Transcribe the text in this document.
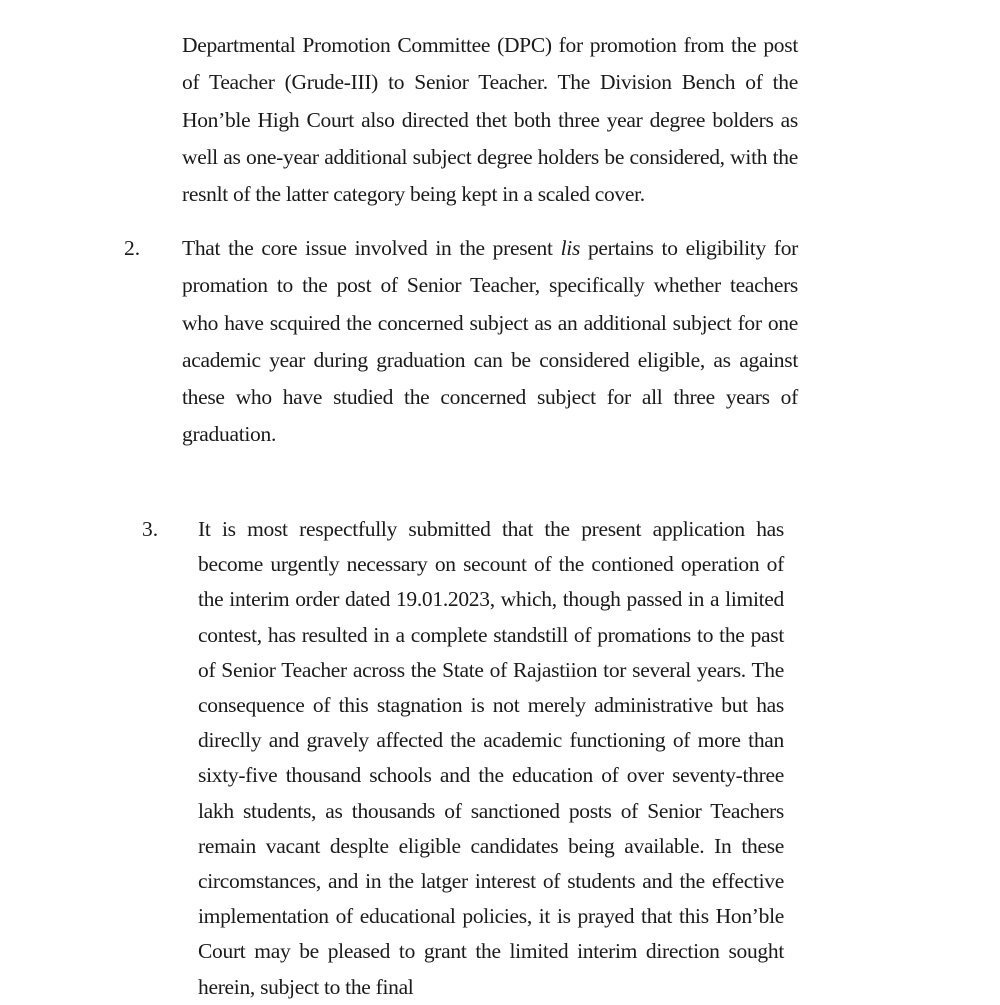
Departmental Promotion Committee (DPC) for promotion from the post of Teacher (Grude-III) to Senior Teacher. The Division Bench of the Hon’ble High Court also directed thet both three year degree bolders as well as one-year additional subject degree holders be considered, with the resnlt of the latter category being kept in a scaled cover.
2. That the core issue involved in the present lis pertains to eligibility for promation to the post of Senior Teacher, specifically whether teachers who have scquired the concerned subject as an additional subject for one academic year during graduation can be considered eligible, as against these who have studied the concerned subject for all three years of graduation.
3. It is most respectfully submitted that the present application has become urgently necessary on secount of the contioned operation of the interim order dated 19.01.2023, which, though passed in a limited contest, has resulted in a complete standstill of promations to the past of Senior Teacher across the State of Rajastiion tor several years. The consequence of this stagnation is not merely administrative but has direclly and gravely affected the academic functioning of more than sixty-five thousand schools and the education of over seventy-three lakh students, as thousands of sanctioned posts of Senior Teachers remain vacant desplte eligible candidates being available. In these circomstances, and in the latger interest of students and the effective implementation of educational policies, it is prayed that this Hon’ble Court may be pleased to grant the limited interim direction sought herein, subject to the final
